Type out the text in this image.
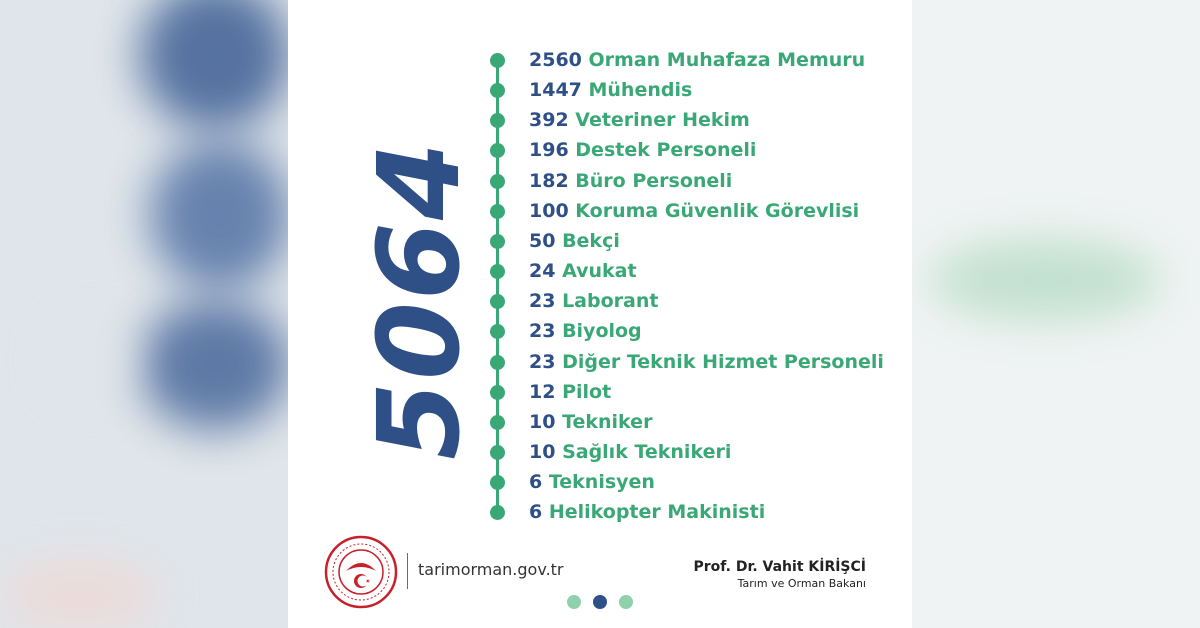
5064
2560 Orman Muhafaza Memuru
1447 Mühendis
392 Veteriner Hekim
196 Destek Personeli
182 Büro Personeli
100 Koruma Güvenlik Görevlisi
50 Bekçi
24 Avukat
23 Laborant
23 Biyolog
23 Diğer Teknik Hizmet Personeli
12 Pilot
10 Tekniker
10 Sağlık Teknikeri
6 Teknisyen
6 Helikopter Makinisti
tarimorman.gov.tr	Prof. Dr. Vahit KİRİŞCİ
Tarım ve Orman Bakanı
